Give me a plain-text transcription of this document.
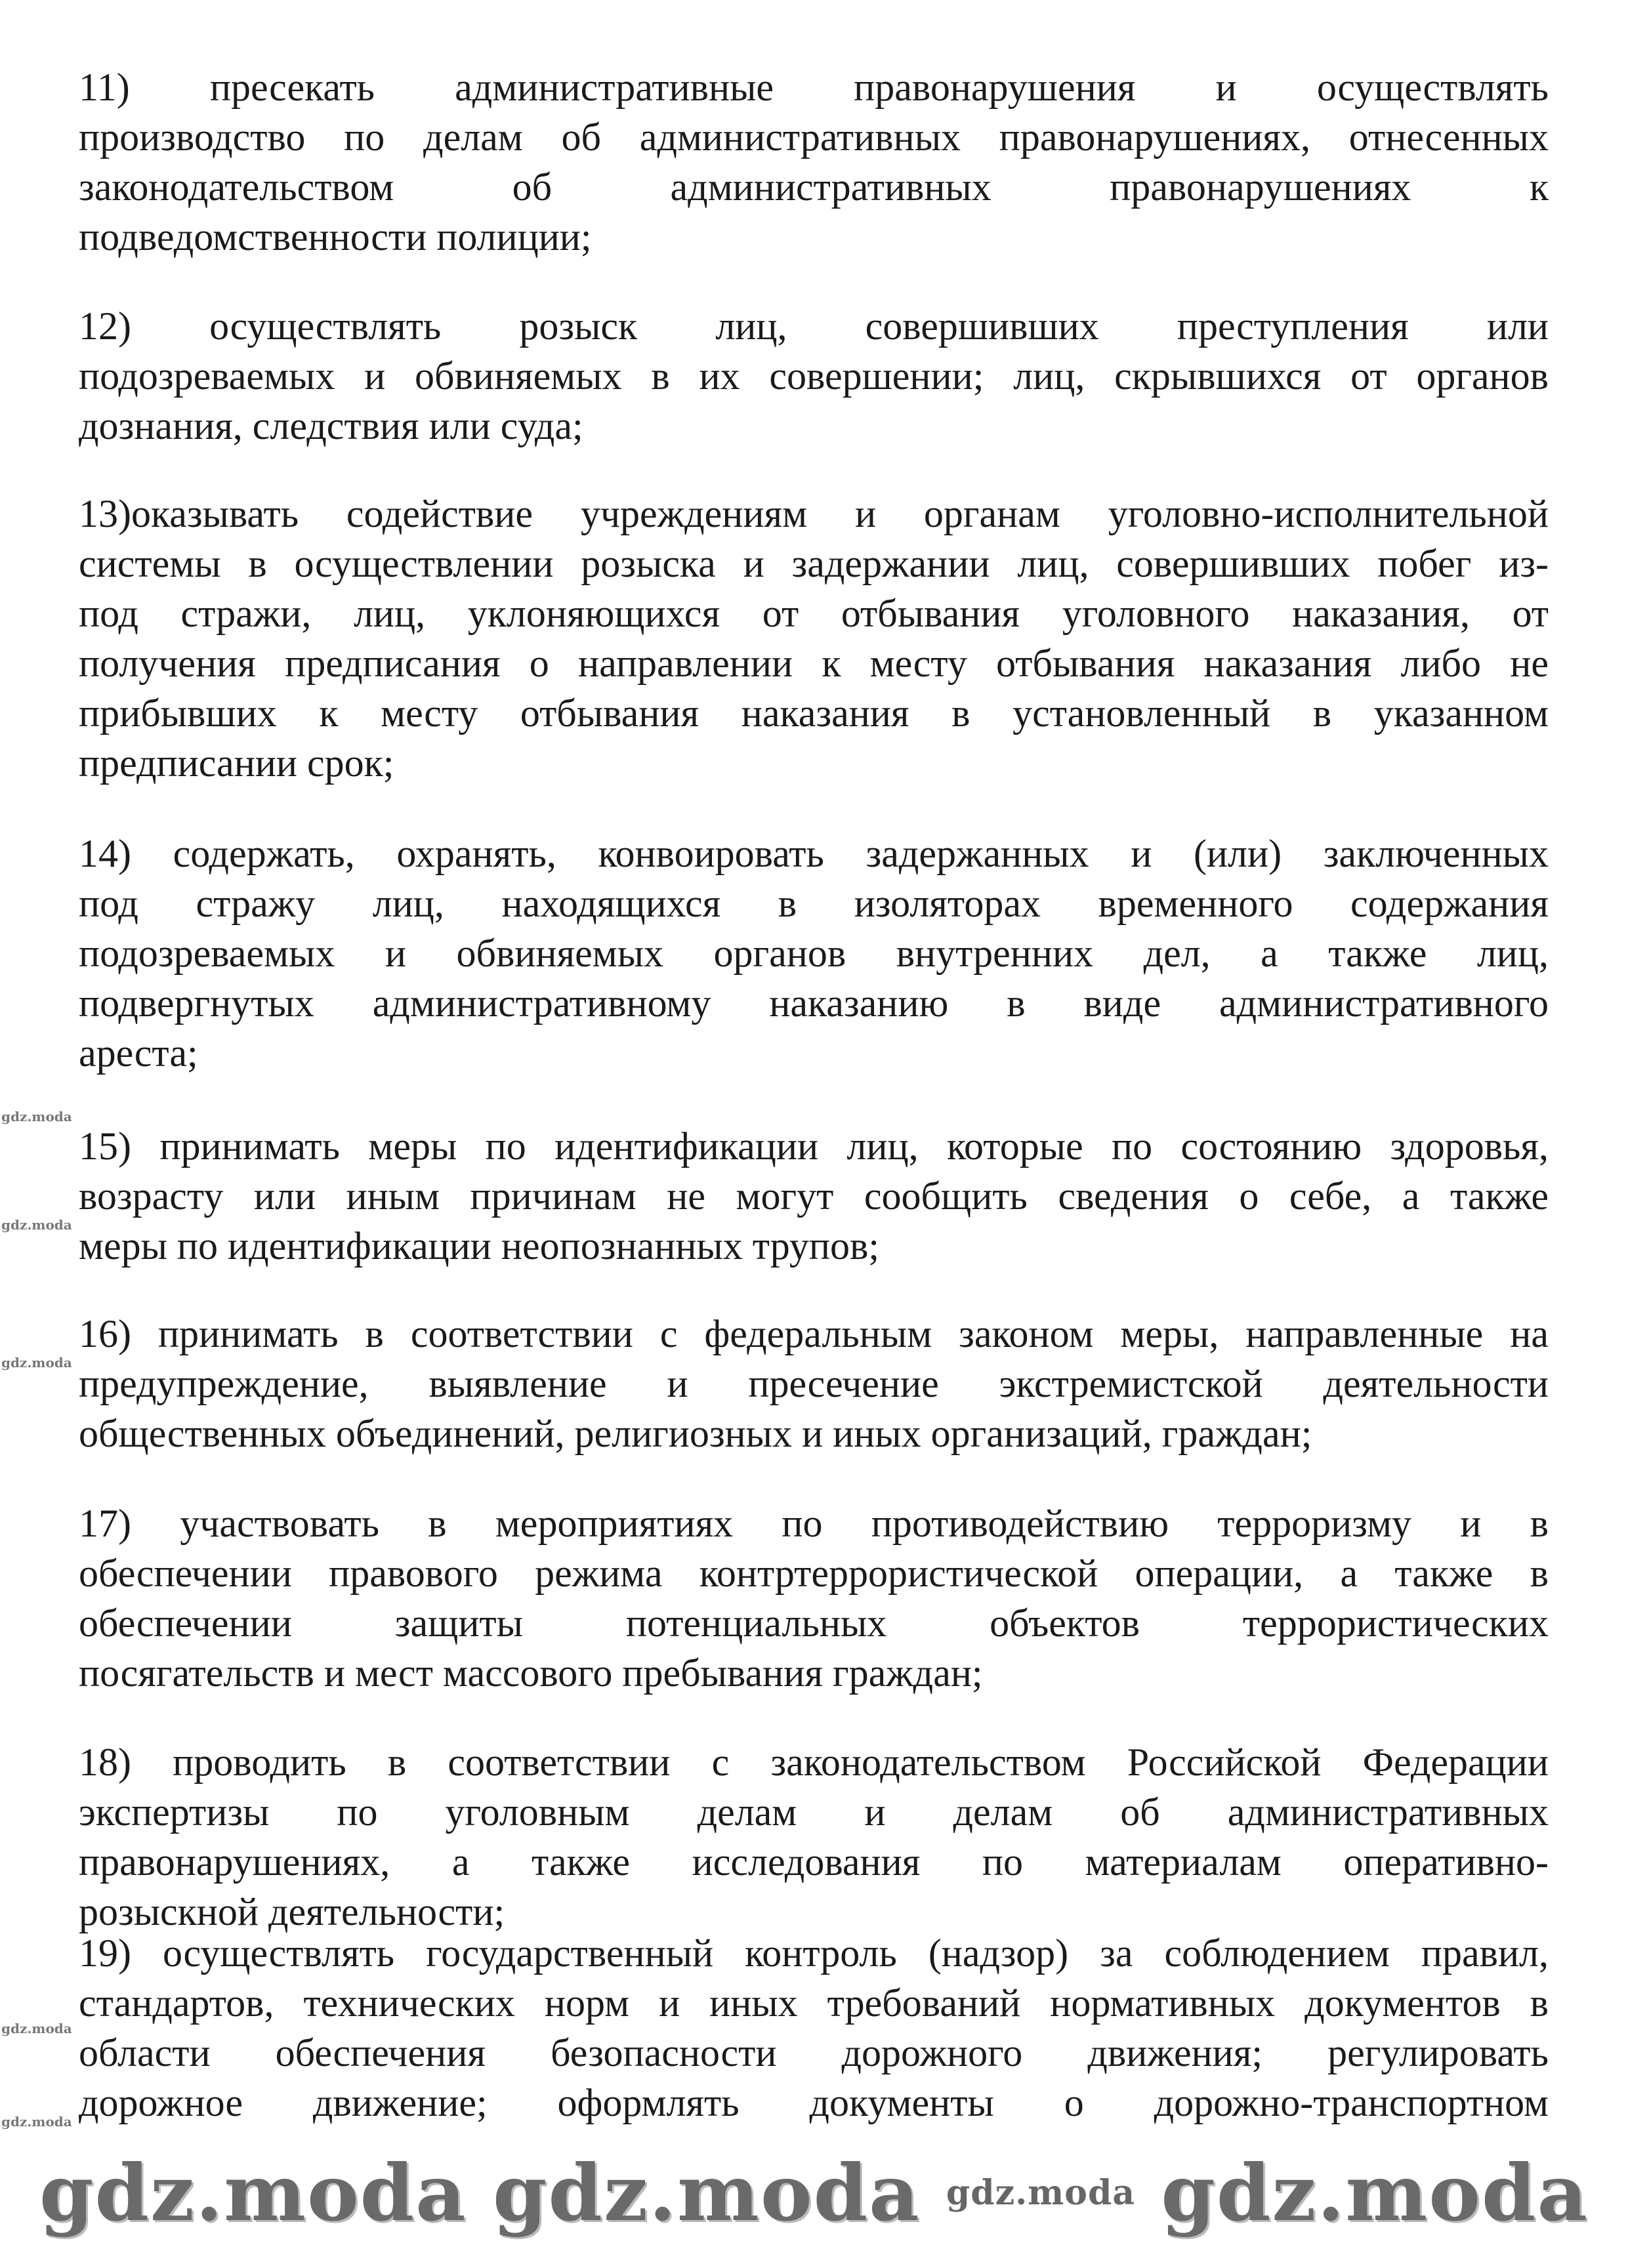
11) пресекать административные правонарушения и осуществлять
производство по делам об административных правонарушениях, отнесенных
законодательством об административных правонарушениях к
подведомственности полиции;
12) осуществлять розыск лиц, совершивших преступления или
подозреваемых и обвиняемых в их совершении; лиц, скрывшихся от органов
дознания, следствия или суда;
13)оказывать содействие учреждениям и органам уголовно-исполнительной
системы в осуществлении розыска и задержании лиц, совершивших побег из-
под стражи, лиц, уклоняющихся от отбывания уголовного наказания, от
получения предписания о направлении к месту отбывания наказания либо не
прибывших к месту отбывания наказания в установленный в указанном
предписании срок;
14) содержать, охранять, конвоировать задержанных и (или) заключенных
под стражу лиц, находящихся в изоляторах временного содержания
подозреваемых и обвиняемых органов внутренних дел, а также лиц,
подвергнутых административному наказанию в виде административного
ареста;
15) принимать меры по идентификации лиц, которые по состоянию здоровья,
возрасту или иным причинам не могут сообщить сведения о себе, а также
меры по идентификации неопознанных трупов;
16) принимать в соответствии с федеральным законом меры, направленные на
предупреждение, выявление и пресечение экстремистской деятельности
общественных объединений, религиозных и иных организаций, граждан;
17) участвовать в мероприятиях по противодействию терроризму и в
обеспечении правового режима контртеррористической операции, а также в
обеспечении защиты потенциальных объектов террористических
посягательств и мест массового пребывания граждан;
18) проводить в соответствии с законодательством Российской Федерации
экспертизы по уголовным делам и делам об административных
правонарушениях, а также исследования по материалам оперативно-
розыскной деятельности;
19) осуществлять государственный контроль (надзор) за соблюдением правил,
стандартов, технических норм и иных требований нормативных документов в
области обеспечения безопасности дорожного движения; регулировать
дорожное движение; оформлять документы о дорожно-транспортном
gdz.moda gdz.moda gdz.moda gdz.moda
gdz.moda
gdz.moda
gdz.moda
gdz.moda
gdz.moda
